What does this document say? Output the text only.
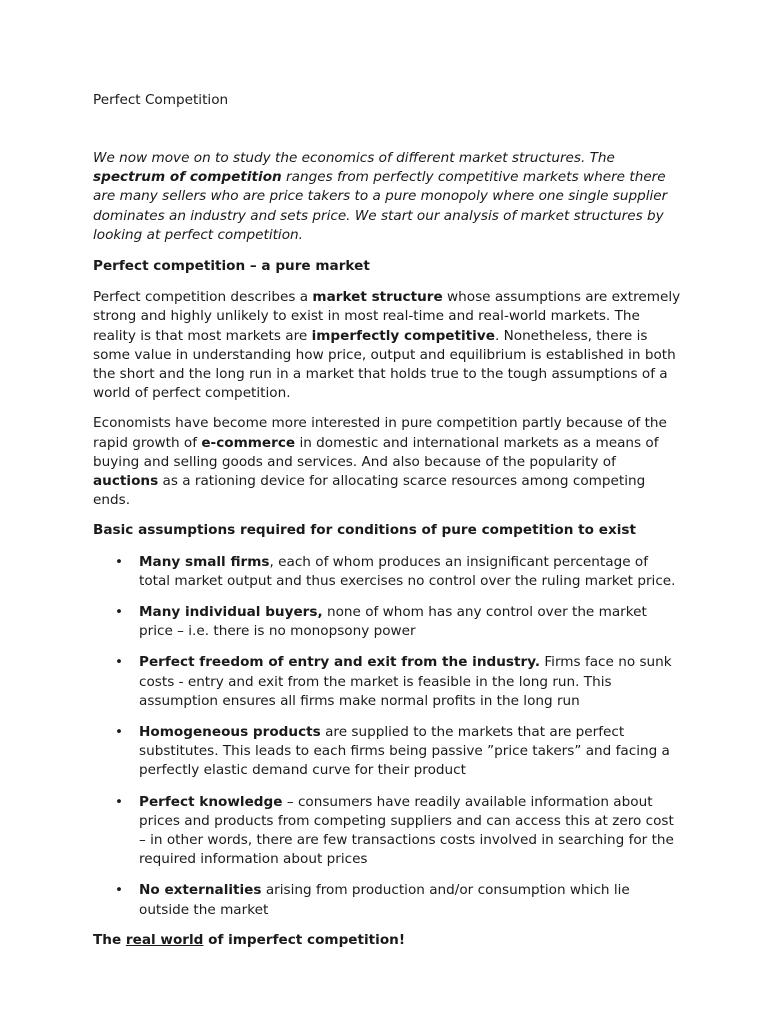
Perfect Competition

We now move on to study the economics of different market structures. The spectrum of competition ranges from perfectly competitive markets where there are many sellers who are price takers to a pure monopoly where one single supplier dominates an industry and sets price. We start our analysis of market structures by looking at perfect competition.

Perfect competition – a pure market

Perfect competition describes a market structure whose assumptions are extremely strong and highly unlikely to exist in most real-time and real-world markets. The reality is that most markets are imperfectly competitive. Nonetheless, there is some value in understanding how price, output and equilibrium is established in both the short and the long run in a market that holds true to the tough assumptions of a world of perfect competition.

Economists have become more interested in pure competition partly because of the rapid growth of e-commerce in domestic and international markets as a means of buying and selling goods and services. And also because of the popularity of auctions as a rationing device for allocating scarce resources among competing ends.

Basic assumptions required for conditions of pure competition to exist

• Many small firms, each of whom produces an insignificant percentage of total market output and thus exercises no control over the ruling market price.
• Many individual buyers, none of whom has any control over the market price – i.e. there is no monopsony power
• Perfect freedom of entry and exit from the industry. Firms face no sunk costs - entry and exit from the market is feasible in the long run. This assumption ensures all firms make normal profits in the long run
• Homogeneous products are supplied to the markets that are perfect substitutes. This leads to each firms being passive ”price takers” and facing a perfectly elastic demand curve for their product
• Perfect knowledge – consumers have readily available information about prices and products from competing suppliers and can access this at zero cost – in other words, there are few transactions costs involved in searching for the required information about prices
• No externalities arising from production and/or consumption which lie outside the market

The real world of imperfect competition!
